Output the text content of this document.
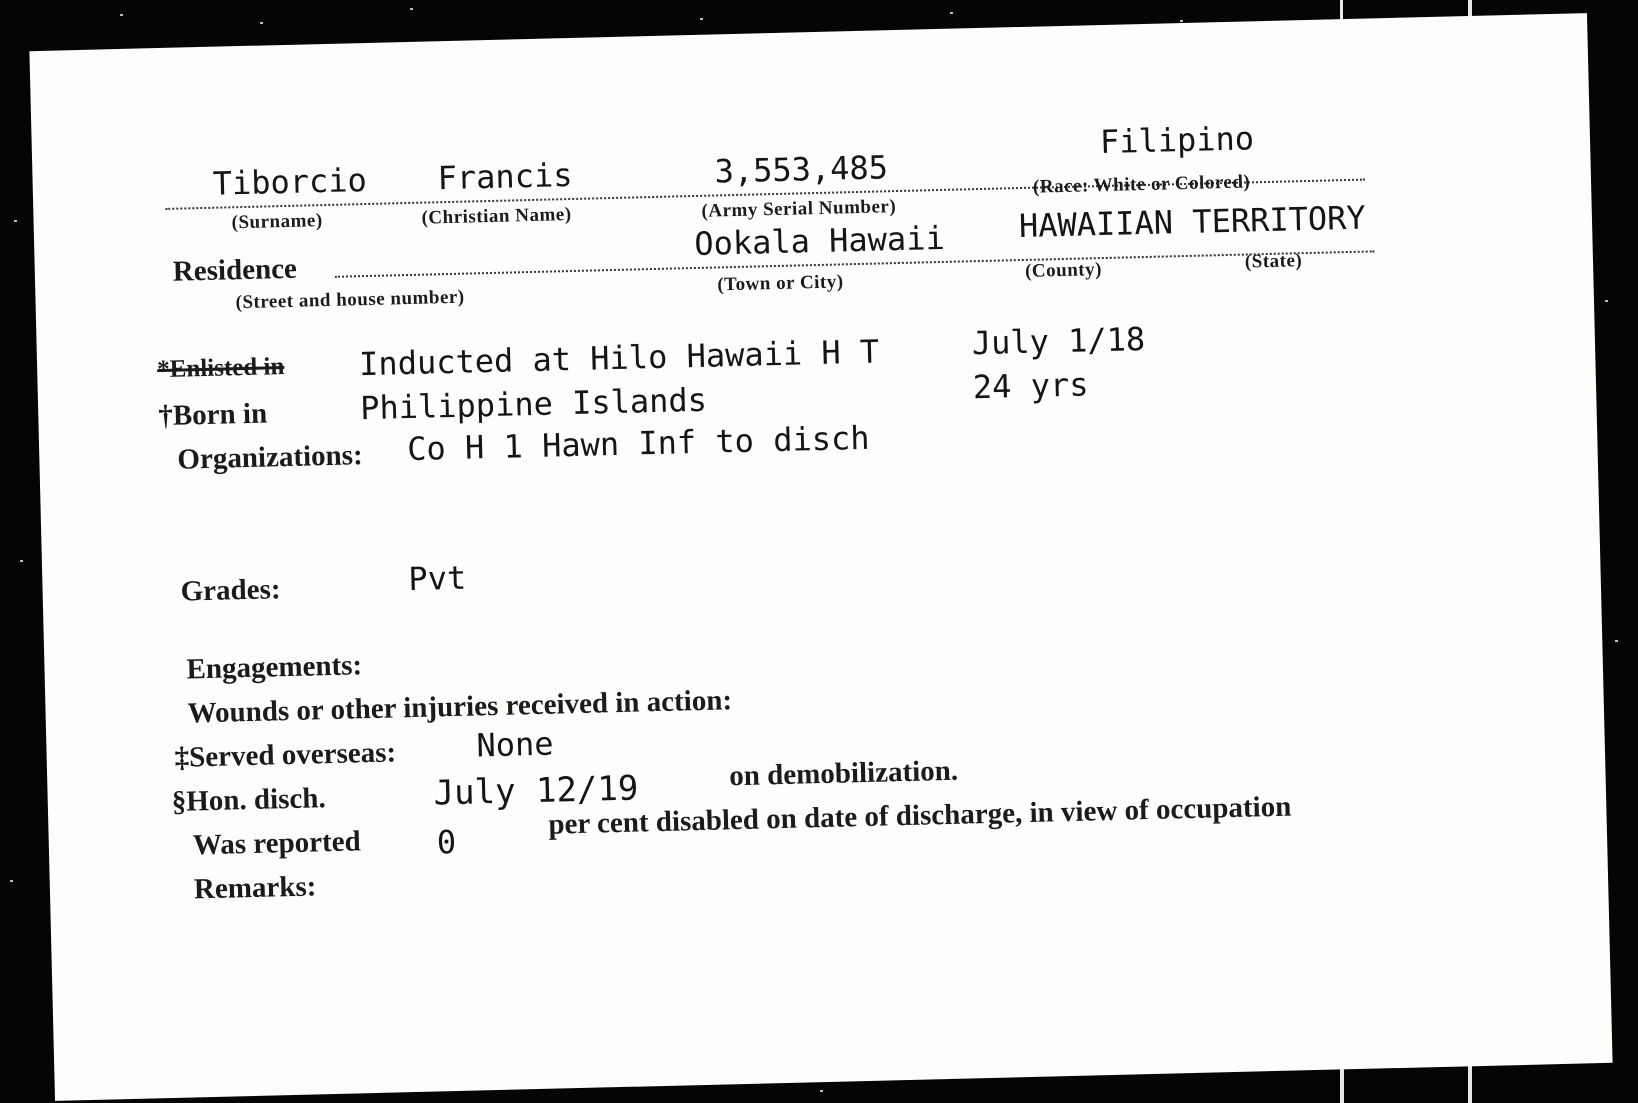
Tiborcio
(Surname)
Francis
(Christian Name)
3,553,485
(Army Serial Number)
Filipino
(Race: White or Colored)
Residence
(Street and house number)
Ookala Hawaii
(Town or City)
HAWAIIAN TERRITORY
(County)	(State)
*Enlisted in Inducted at Hilo Hawaii H T	July 1/18
†Born in	Philippine Islands	24 yrs
Organizations: Co H 1 Hawn Inf to disch
Grades:	Pvt
Engagements:
Wounds or other injuries received in action:
‡Served overseas: None
§Hon. disch.	July 12/19	on demobilization.
Was reported 0
per cent disabled on date of discharge, in view of occupation
Remarks:
